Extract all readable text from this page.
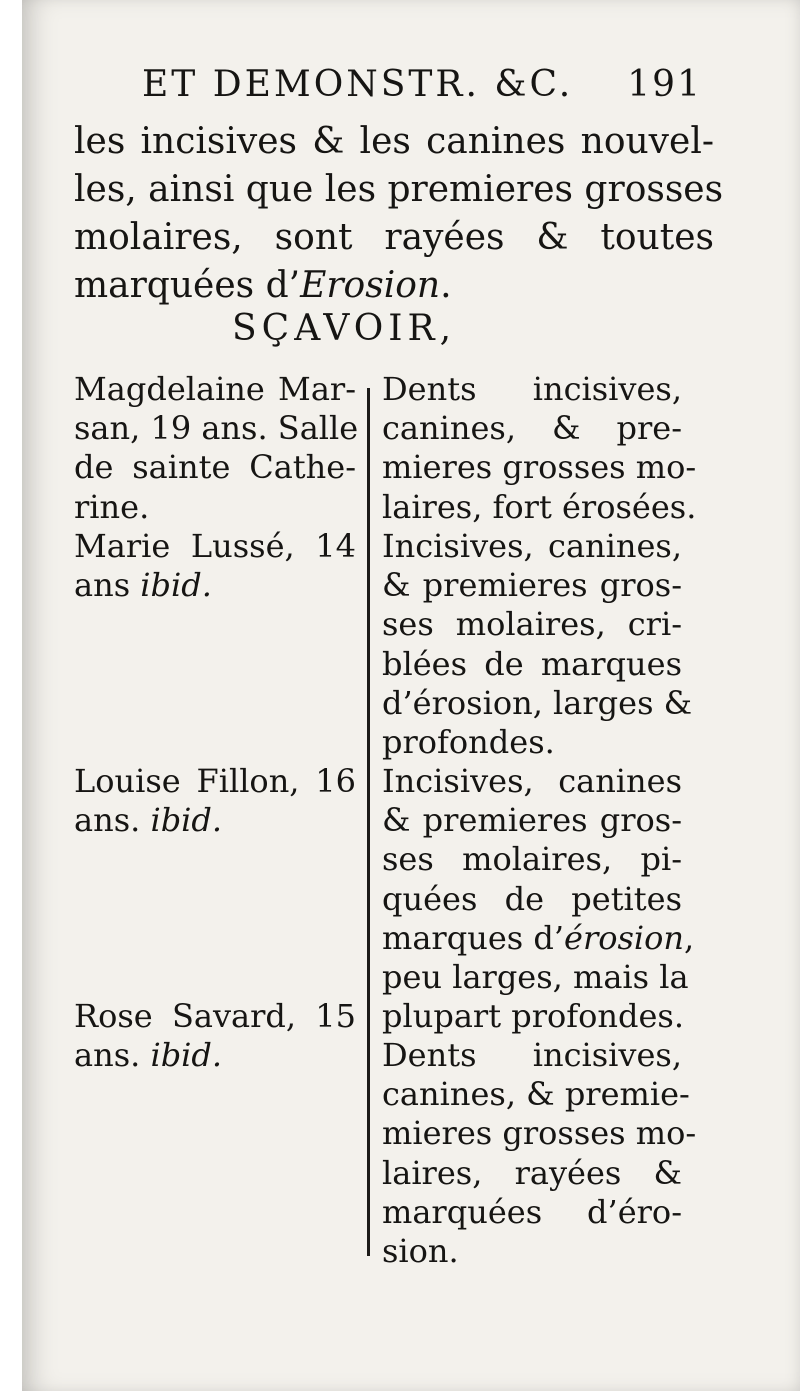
ET DEMONSTR. &C. 191
les incisives & les canines nouvel-
les, ainsi que les premieres grosses
molaires, sont rayées & toutes
marquées d’Erosion.
SÇAVOIR,
Magdelaine Mar-
san, 19 ans. Salle
de sainte Cathe-
rine.
Dents incisives,
canines, & pre-
mieres grosses mo-
laires, fort érosées.
Marie Lussé, 14
ans ibid.
Incisives, canines,
& premieres gros-
ses molaires, cri-
blées de marques
d’érosion, larges &
profondes.
Louise Fillon, 16
ans. ibid.
Incisives, canines
& premieres gros-
ses molaires, pi-
quées de petites
marques d’érosion,
peu larges, mais la
plupart profondes.
Rose Savard, 15
ans. ibid.	Dents incisives,
canines, & premie-
mieres grosses mo-
laires, rayées &
marquées d’éro-
sion.
